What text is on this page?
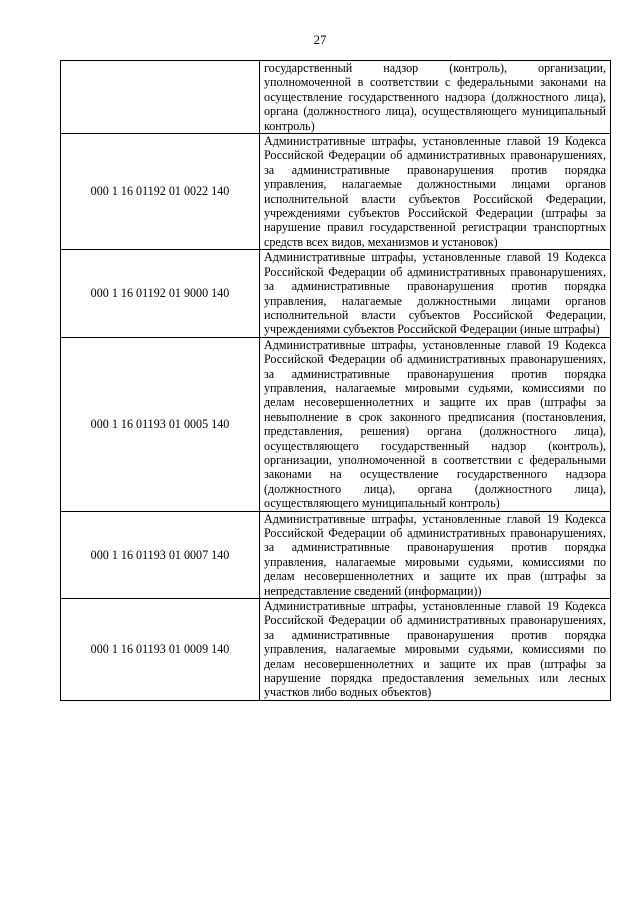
27
	государственный надзор (контроль), организации, уполномоченной в соответствии с федеральными законами на осуществление государственного надзора (должностного лица), органа (должностного лица), осуществляющего муниципальный контроль)
000 1 16 01192 01 0022 140	Административные штрафы, установленные главой 19 Кодекса Российской Федерации об административных правонарушениях, за административные правонарушения против порядка управления, налагаемые должностными лицами органов исполнительной власти субъектов Российской Федерации, учреждениями субъектов Российской Федерации (штрафы за нарушение правил государственной регистрации транспортных средств всех видов, механизмов и установок)
000 1 16 01192 01 9000 140	Административные штрафы, установленные главой 19 Кодекса Российской Федерации об административных правонарушениях, за административные правонарушения против порядка управления, налагаемые должностными лицами органов исполнительной власти субъектов Российской Федерации, учреждениями субъектов Российской Федерации (иные штрафы)
000 1 16 01193 01 0005 140	Административные штрафы, установленные главой 19 Кодекса Российской Федерации об административных правонарушениях, за административные правонарушения против порядка управления, налагаемые мировыми судьями, комиссиями по делам несовершеннолетних и защите их прав (штрафы за невыполнение в срок законного предписания (постановления, представления, решения) органа (должностного лица), осуществляющего государственный надзор (контроль), организации, уполномоченной в соответствии с федеральными законами на осуществление государственного надзора (должностного лица), органа (должностного лица), осуществляющего муниципальный контроль)
000 1 16 01193 01 0007 140	Административные штрафы, установленные главой 19 Кодекса Российской Федерации об административных правонарушениях, за административные правонарушения против порядка управления, налагаемые мировыми судьями, комиссиями по делам несовершеннолетних и защите их прав (штрафы за непредставление сведений (информации))
000 1 16 01193 01 0009 140	Административные штрафы, установленные главой 19 Кодекса Российской Федерации об административных правонарушениях, за административные правонарушения против порядка управления, налагаемые мировыми судьями, комиссиями по делам несовершеннолетних и защите их прав (штрафы за нарушение порядка предоставления земельных или лесных участков либо водных объектов)
